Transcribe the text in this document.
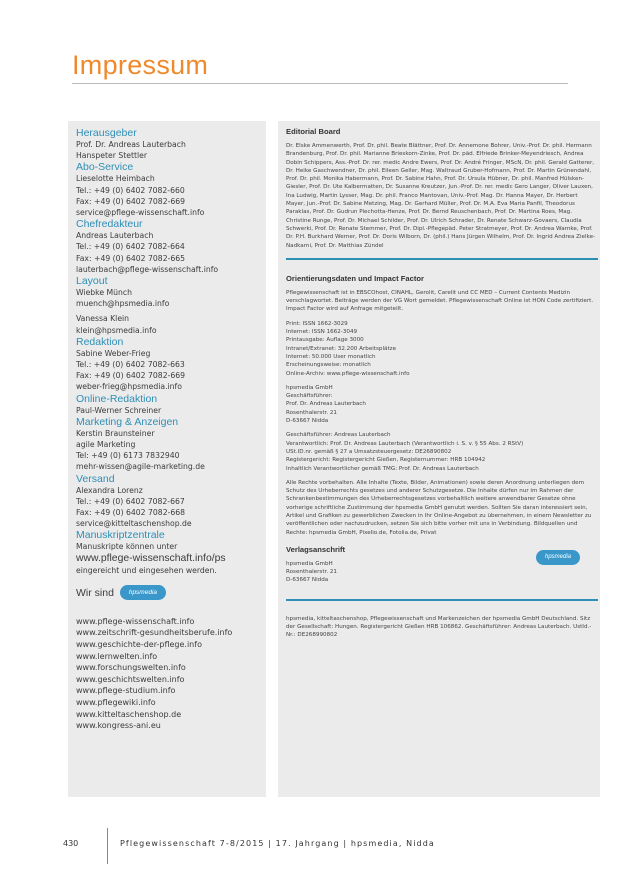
Impressum
Herausgeber
Prof. Dr. Andreas Lauterbach
Hanspeter Stettler
Abo-Service
Lieselotte Heimbach
Tel.: +49 (0) 6402 7082-660
Fax: +49 (0) 6402 7082-669
service@pflege-wissenschaft.info
Chefredakteur
Andreas Lauterbach
Tel.: +49 (0) 6402 7082-664
Fax: +49 (0) 6402 7082-665
lauterbach@pflege-wissenschaft.info
Layout
Wiebke Münch
muench@hpsmedia.info
Vanessa Klein
klein@hpsmedia.info
Redaktion
Sabine Weber-Frieg
Tel.: +49 (0) 6402 7082-663
Fax: +49 (0) 6402 7082-669
weber-frieg@hpsmedia.info
Online-Redaktion
Paul-Werner Schreiner
Marketing & Anzeigen
Kerstin Braunsteiner
agile Marketing
Tel: +49 (0) 6173 7832940
mehr-wissen@agile-marketing.de
Versand
Alexandra Lorenz
Tel.: +49 (0) 6402 7082-667
Fax: +49 (0) 6402 7082-668
service@kitteltaschenshop.de
Manuskriptzentrale
Manuskripte können unter
www.pflege-wissenschaft.info/ps
eingereicht und eingesehen werden.
Wir sind	hpsmedia
www.pflege-wissenschaft.info
www.zeitschrift-gesundheitsberufe.info
www.geschichte-der-pflege.info
www.lernwelten.info
www.forschungswelten.info
www.geschichtswelten.info
www.pflege-studium.info
www.pflegewiki.info
www.kitteltaschenshop.de
www.kongress-ani.eu
Editorial Board

Dr. Elske Ammenwerth, Prof. Dr. phil. Beate Blättner, Prof. Dr. Annemone Bohrer, Univ.-Prof. Dr. phil. Hermann Brandenburg, Prof. Dr. phil. Marianne Brieskorn-Zinke, Prof. Dr. päd. Elfriede Brinker-Meyendriesch, Andrea Dobin Schippers, Ass.-Prof. Dr. rer. medic Andre Ewers, Prof. Dr. André Fringer, MScN, Dr. phil. Gerald Gatterer, Dr. Heike Gaschwendner, Dr. phil. Eileen Geller, Mag. Waltraud Gruber-Hofmann, Prof. Dr. Martin Grünendahl, Prof. Dr. phil. Monika Habermann, Prof. Dr. Sabine Hahn, Prof. Dr. Ursula Hübner, Dr. phil. Manfred Hülsken-Giesler, Prof. Dr. Ute Kalbermatten, Dr. Susanne Kreutzer, Jun.-Prof. Dr. rer. medic Gero Langer, Oliver Lauxen, Ina Ludwig, Martin Lysser, Mag. Dr. phil. Franco Mantovan, Univ.-Prof. Mag. Dr. Hanna Mayer, Dr. Herbert Mayer, Jun.-Prof. Dr. Sabine Metzing, Mag. Dr. Gerhard Müller, Prof. Dr. M.A. Eva Maria Panfil, Theodorus Paraklas, Prof. Dr. Gudrun Piechotta-Henze, Prof. Dr. Bernd Reuschenbach, Prof. Dr. Martina Roes, Mag. Christine Runge, Prof. Dr. Michael Schilder, Prof. Dr. Ulrich Schrader, Dr. Renate Schwarz-Govaers, Claudia Schwerki, Prof. Dr. Renate Stemmer, Prof. Dr. Dipl.-Pflegepäd. Peter Stratmeyer, Prof. Dr. Andrea Warnke, Prof. Dr. P.H. Burkhard Werner, Prof. Dr. Doris Wilborn, Dr. (phil.) Hans Jürgen Wilhelm, Prof. Dr. Ingrid Andrea Zielke-Nadkarni, Prof. Dr. Matthias Zündel

Orientierungsdaten und Impact Factor

Pflegewissenschaft ist in EBSCOhost, CINAHL, Gerolit, Carelit und CC MED – Current Contents Medizin verschlagwortet. Beiträge werden der VG Wort gemeldet. Pflegewissenschaft Online ist HON Code zertifiziert. Impact Factor wird auf Anfrage mitgeteilt.

Print: ISSN 1662-3029
Internet: ISSN 1662-3049
Printausgabe: Auflage 3000
Intranet/Extranet: 32.200 Arbeitsplätze
Internet: 50.000 User monatlich
Erscheinungsweise: monatlich
Online-Archiv: www.pflege-wissenschaft.info
hpsmedia GmbH
Geschäftsführer:
Prof. Dr. Andreas Lauterbach
Rosenthalerstr. 21
D-63667 Nidda
Geschäftsführer: Andreas Lauterbach
Verantwortlich: Prof. Dr. Andreas Lauterbach (Verantwortlich i. S. v. § 55 Abs. 2 RStV)
USt.ID.nr. gemäß § 27 a Umsatzsteuergesetz: DE26890802
Registergericht: Registergericht Gießen, Registernummer: HRB 104942
Inhaltlich Verantwortlicher gemäß TMG: Prof. Dr. Andreas Lauterbach

Alle Rechte vorbehalten. Alle Inhalte (Texte, Bilder, Animationen) sowie deren Anordnung unterliegen dem Schutz des Urheberrechts gesetzes und anderer Schutzgesetze. Die Inhalte dürfen nur im Rahmen der Schrankenbestimmungen des Urheberrechtsgesetzes vorbehaltlich weitere anwendbarer Gesetze ohne vorherige schriftliche Zustimmung der hpsmedia GmbH genutzt werden. Sollten Sie daran interessiert sein, Artikel und Grafiken zu gewerblichen Zwecken in Ihr Online-Angebot zu übernehmen, in einem Newsletter zu veröffentlichen oder nachzudrucken, setzen Sie sich bitte vorher mit uns in Verbindung. Bildquellen und Rechte: hpsmedia GmbH, Pixelio.de, Fotolia.de, Privat

Verlagsanschrift
hpsmedia GmbH
Rosenthalerstr. 21
D-63667 Nidda
hpsmedia

hpsmedia, kitteltaschenshop, Pflegewissenschaft und Markenzeichen der hpsmedia GmbH Deutschland. Sitz der Gesellschaft: Hungen. Registergericht Gießen HRB 106862. Geschäftsführer: Andreas Lauterbach. UstId.-Nr.: DE268990802

430	Pflegewissenschaft 7-8/2015 | 17. Jahrgang | hpsmedia, Nidda
